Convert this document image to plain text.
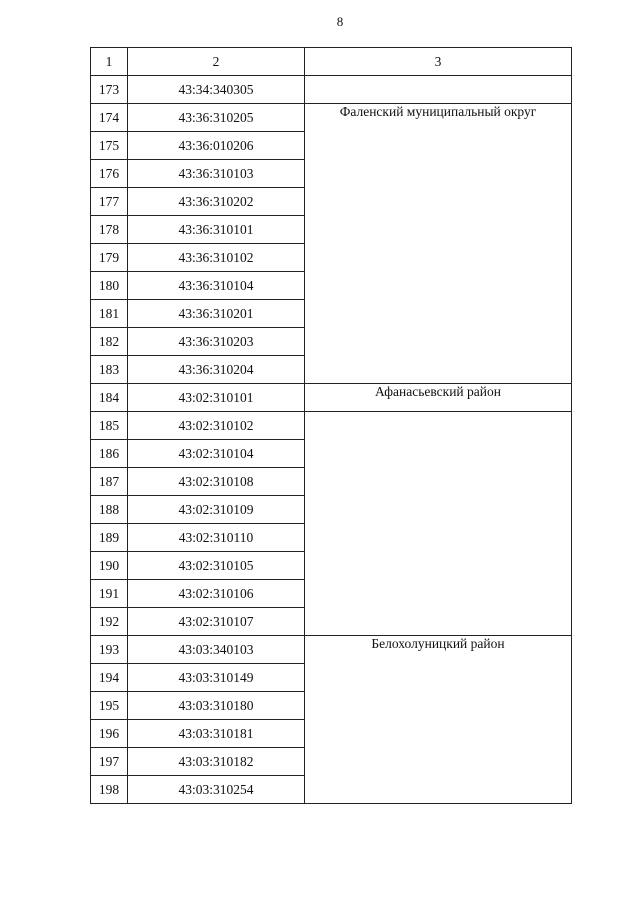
8
1	2	3
173	43:34:340305	
174	43:36:310205	Фаленский муниципальный округ
175	43:36:010206	
176	43:36:310103	
177	43:36:310202	
178	43:36:310101	
179	43:36:310102	
180	43:36:310104	
181	43:36:310201	
182	43:36:310203	
183	43:36:310204	
184	43:02:310101	Афанасьевский район
185	43:02:310102	
186	43:02:310104	
187	43:02:310108	
188	43:02:310109	
189	43:02:310110	
190	43:02:310105	
191	43:02:310106	
192	43:02:310107	
193	43:03:340103	Белохолуницкий район
194	43:03:310149	
195	43:03:310180	
196	43:03:310181	
197	43:03:310182	
198	43:03:310254	
